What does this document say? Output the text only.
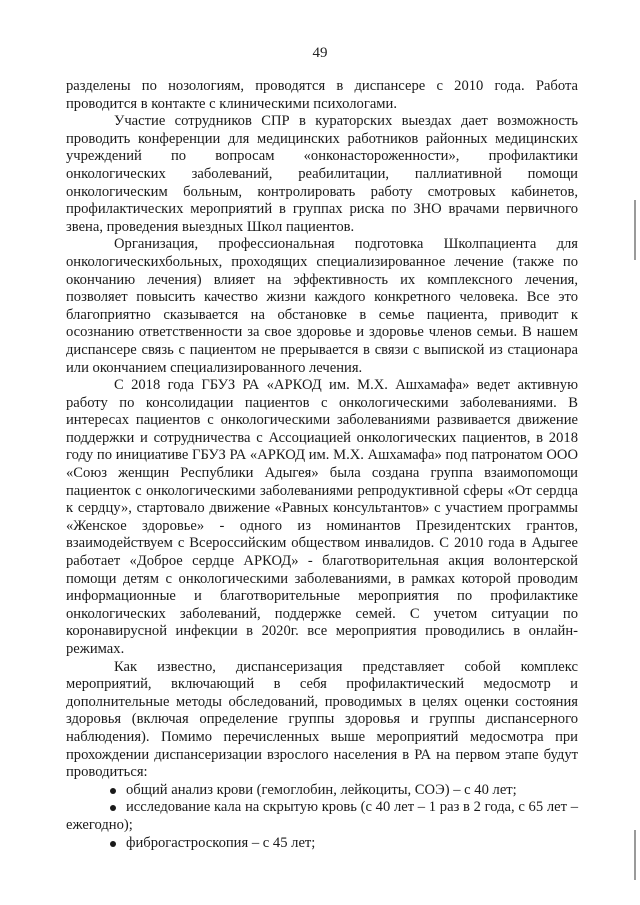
49

разделены по нозологиям, проводятся в диспансере с 2010 года. Работа проводится в контакте с клиническими психологами.

Участие сотрудников СПР в кураторских выездах дает возможность проводить конференции для медицинских работников районных медицинских учреждений по вопросам «онконастороженности», профилактики онкологических заболеваний, реабилитации, паллиативной помощи онкологическим больным, контролировать работу смотровых кабинетов, профилактических мероприятий в группах риска по ЗНО врачами первичного звена, проведения выездных Школ пациентов.

Организация, профессиональная подготовка Школпациента для онкологическихбольных, проходящих специализированное лечение (также по окончанию лечения) влияет на эффективность их комплексного лечения, позволяет повысить качество жизни каждого конкретного человека. Все это благоприятно сказывается на обстановке в семье пациента, приводит к осознанию ответственности за свое здоровье и здоровье членов семьи. В нашем диспансере связь с пациентом не прерывается в связи с выпиской из стационара или окончанием специализированного лечения.

С 2018 года ГБУЗ РА «АРКОД им. М.Х. Ашхамафа» ведет активную работу по консолидации пациентов с онкологическими заболеваниями. В интересах пациентов с онкологическими заболеваниями развивается движение поддержки и сотрудничества с Ассоциацией онкологических пациентов, в 2018 году по инициативе ГБУЗ РА «АРКОД им. М.Х. Ашхамафа» под патронатом ООО «Союз женщин Республики Адыгея» была создана группа взаимопомощи пациенток с онкологическими заболеваниями репродуктивной сферы «От сердца к сердцу», стартовало движение «Равных консультантов» с участием программы «Женское здоровье» - одного из номинантов Президентских грантов, взаимодействуем с Всероссийским обществом инвалидов. С 2010 года в Адыгее работает «Доброе сердце АРКОД» - благотворительная акция волонтерской помощи детям с онкологическими заболеваниями, в рамках которой проводим информационные и благотворительные мероприятия по профилактике онкологических заболеваний, поддержке семей. С учетом ситуации по коронавирусной инфекции в 2020г. все мероприятия проводились в онлайн-режимах.

Как известно, диспансеризация представляет собой комплекс мероприятий, включающий в себя профилактический медосмотр и дополнительные методы обследований, проводимых в целях оценки состояния здоровья (включая определение группы здоровья и группы диспансерного наблюдения). Помимо перечисленных выше мероприятий медосмотра при прохождении диспансеризации взрослого населения в РА на первом этапе будут проводиться:

общий анализ крови (гемоглобин, лейкоциты, СОЭ) – с 40 лет;
исследование кала на скрытую кровь (с 40 лет – 1 раз в 2 года, с 65 лет – ежегодно);
фиброгастроскопия – с 45 лет;
